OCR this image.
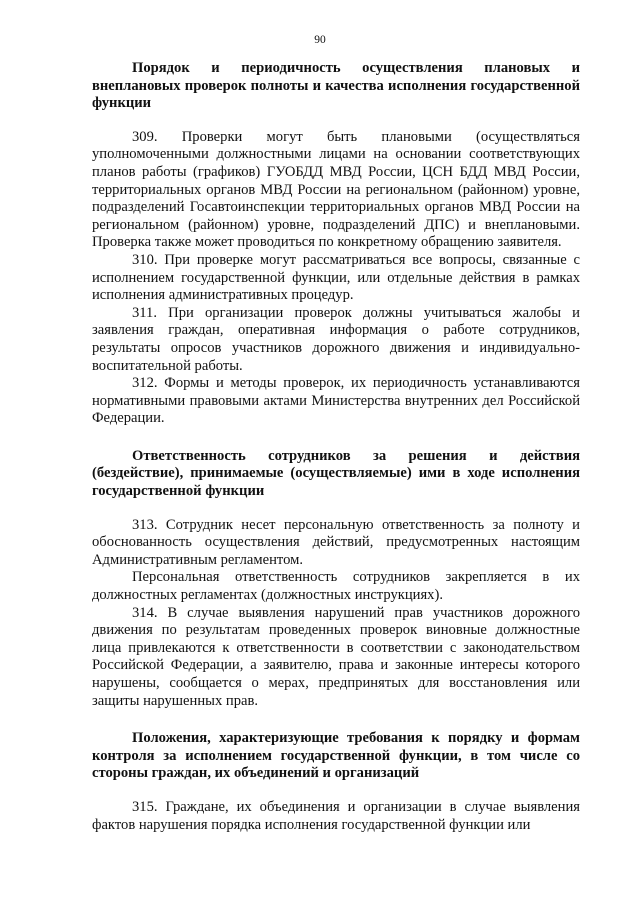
90
Порядок и периодичность осуществления плановых и внеплановых проверок полноты и качества исполнения государственной функции

309. Проверки могут быть плановыми (осуществляться уполномоченными должностными лицами на основании соответствующих планов работы (графиков) ГУОБДД МВД России, ЦСН БДД МВД России, территориальных органов МВД России на региональном (районном) уровне, подразделений Госавтоинспекции территориальных органов МВД России на региональном (районном) уровне, подразделений ДПС) и внеплановыми. Проверка также может проводиться по конкретному обращению заявителя.

310. При проверке могут рассматриваться все вопросы, связанные с исполнением государственной функции, или отдельные действия в рамках исполнения административных процедур.

311. При организации проверок должны учитываться жалобы и заявления граждан, оперативная информация о работе сотрудников, результаты опросов участников дорожного движения и индивидуально-воспитательной работы.

312. Формы и методы проверок, их периодичность устанавливаются нормативными правовыми актами Министерства внутренних дел Российской Федерации.

Ответственность сотрудников за решения и действия (бездействие), принимаемые (осуществляемые) ими в ходе исполнения государственной функции

313. Сотрудник несет персональную ответственность за полноту и обоснованность осуществления действий, предусмотренных настоящим Административным регламентом.

Персональная ответственность сотрудников закрепляется в их должностных регламентах (должностных инструкциях).

314. В случае выявления нарушений прав участников дорожного движения по результатам проведенных проверок виновные должностные лица привлекаются к ответственности в соответствии с законодательством Российской Федерации, а заявителю, права и законные интересы которого нарушены, сообщается о мерах, предпринятых для восстановления или защиты нарушенных прав.

Положения, характеризующие требования к порядку и формам контроля за исполнением государственной функции, в том числе со стороны граждан, их объединений и организаций

315. Граждане, их объединения и организации в случае выявления фактов нарушения порядка исполнения государственной функции или
